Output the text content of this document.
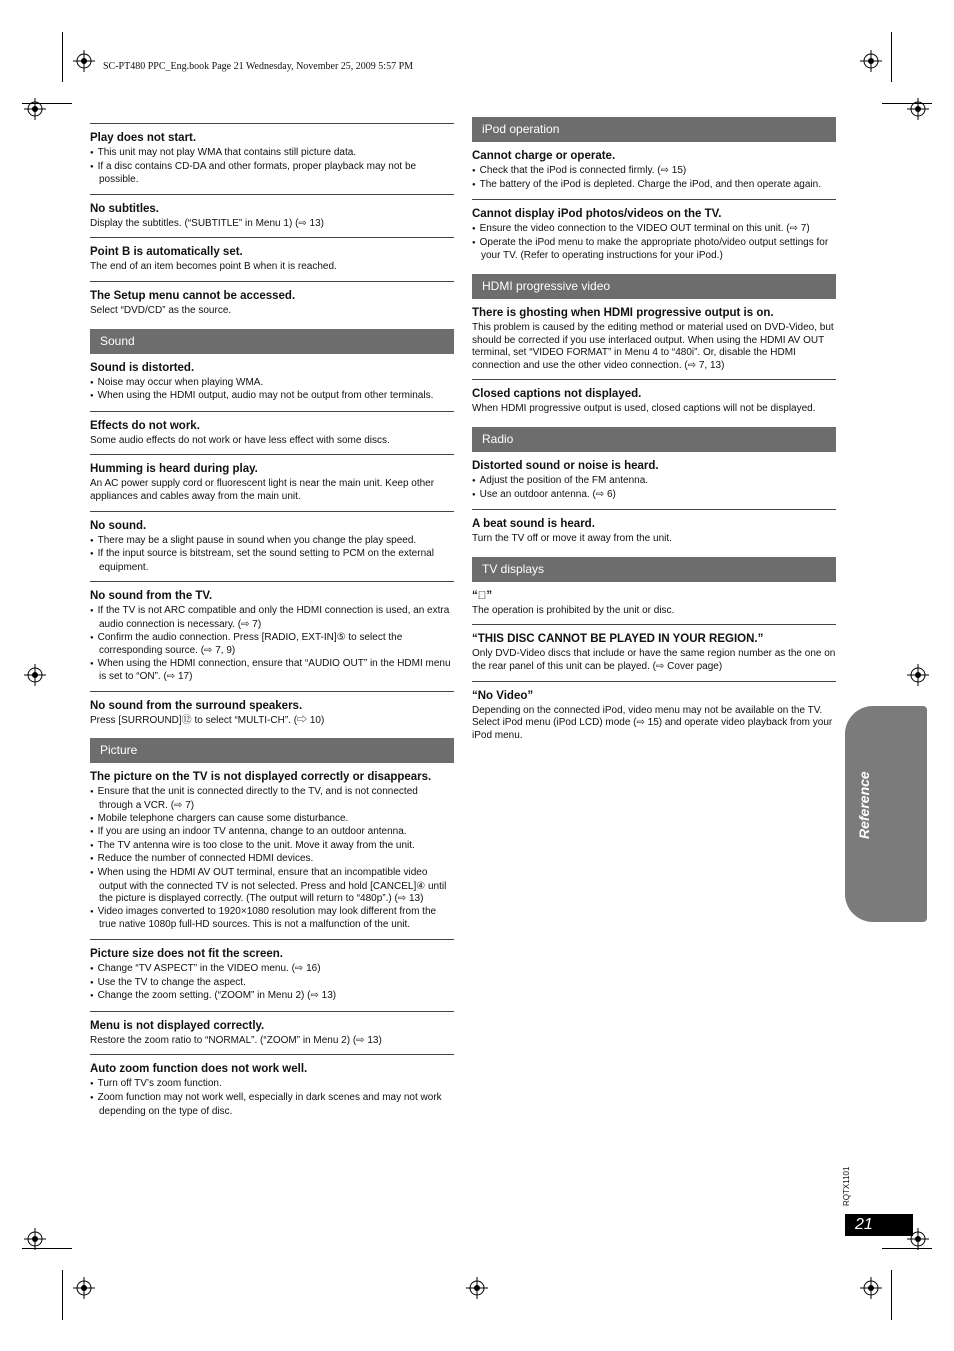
SC-PT480 PPC_Eng.book Page 21 Wednesday, November 25, 2009 5:57 PM

Play does not start.

● This unit may not play WMA that contains still picture data.
● If a disc contains CD-DA and other formats, proper playback may not be possible.

No subtitles.

Display the subtitles. (“SUBTITLE” in Menu 1) (⇨ 13)

Point B is automatically set.

The end of an item becomes point B when it is reached.

The Setup menu cannot be accessed.

Select “DVD/CD” as the source.

Sound

Sound is distorted.

● Noise may occur when playing WMA.
● When using the HDMI output, audio may not be output from other terminals.

Effects do not work.

Some audio effects do not work or have less effect with some discs.

Humming is heard during play.

An AC power supply cord or fluorescent light is near the main unit. Keep other appliances and cables away from the main unit.

No sound.

● There may be a slight pause in sound when you change the play speed.
● If the input source is bitstream, set the sound setting to PCM on the external equipment.

No sound from the TV.

● If the TV is not ARC compatible and only the HDMI connection is used, an extra audio connection is necessary. (⇨ 7)
● Confirm the audio connection. Press [RADIO, EXT-IN]⑤ to select the corresponding source. (⇨ 7, 9)
● When using the HDMI connection, ensure that “AUDIO OUT” in the HDMI menu is set to “ON”. (⇨ 17)

No sound from the surround speakers.

Press [SURROUND]⑫ to select “MULTI-CH”. (⇨ 10)

Picture

The picture on the TV is not displayed correctly or disappears.

● Ensure that the unit is connected directly to the TV, and is not connected through a VCR. (⇨ 7)
● Mobile telephone chargers can cause some disturbance.
● If you are using an indoor TV antenna, change to an outdoor antenna.
● The TV antenna wire is too close to the unit. Move it away from the unit.
● Reduce the number of connected HDMI devices.
● When using the HDMI AV OUT terminal, ensure that an incompatible video output with the connected TV is not selected. Press and hold [CANCEL]④ until the picture is displayed correctly. (The output will return to “480p”.) (⇨ 13)
● Video images converted to 1920×1080 resolution may look different from the true native 1080p full-HD sources. This is not a malfunction of the unit.

Picture size does not fit the screen.

● Change “TV ASPECT” in the VIDEO menu. (⇨ 16)
● Use the TV to change the aspect.
● Change the zoom setting. (“ZOOM” in Menu 2) (⇨ 13)

Menu is not displayed correctly.

Restore the zoom ratio to “NORMAL”. (“ZOOM” in Menu 2) (⇨ 13)

Auto zoom function does not work well.

● Turn off TV’s zoom function.
● Zoom function may not work well, especially in dark scenes and may not work depending on the type of disc.
iPod operation

Cannot charge or operate.

● Check that the iPod is connected firmly. (⇨ 15)
● The battery of the iPod is depleted. Charge the iPod, and then operate again.

Cannot display iPod photos/videos on the TV.

● Ensure the video connection to the VIDEO OUT terminal on this unit. (⇨ 7)
● Operate the iPod menu to make the appropriate photo/video output settings for your TV. (Refer to operating instructions for your iPod.)
HDMI progressive video

There is ghosting when HDMI progressive output is on.

This problem is caused by the editing method or material used on DVD-Video, but should be corrected if you use interlaced output. When using the HDMI AV OUT terminal, set “VIDEO FORMAT” in Menu 4 to “480i”. Or, disable the HDMI connection and use the other video connection. (⇨ 7, 13)

Closed captions not displayed.

When HDMI progressive output is used, closed captions will not be displayed.

Radio

Distorted sound or noise is heard.

● Adjust the position of the FM antenna.
● Use an outdoor antenna. (⇨ 6)

A beat sound is heard.

Turn the TV off or move it away from the unit.

TV displays

“⃠”

The operation is prohibited by the unit or disc.

“THIS DISC CANNOT BE PLAYED IN YOUR REGION.”

Only DVD-Video discs that include or have the same region number as the one on the rear panel of this unit can be played. (⇨ Cover page)

“No Video”

Depending on the connected iPod, video menu may not be available on the TV.
Select iPod menu (iPod LCD) mode (⇨ 15) and operate video playback from your iPod menu.

Reference
RQTX1101
21
